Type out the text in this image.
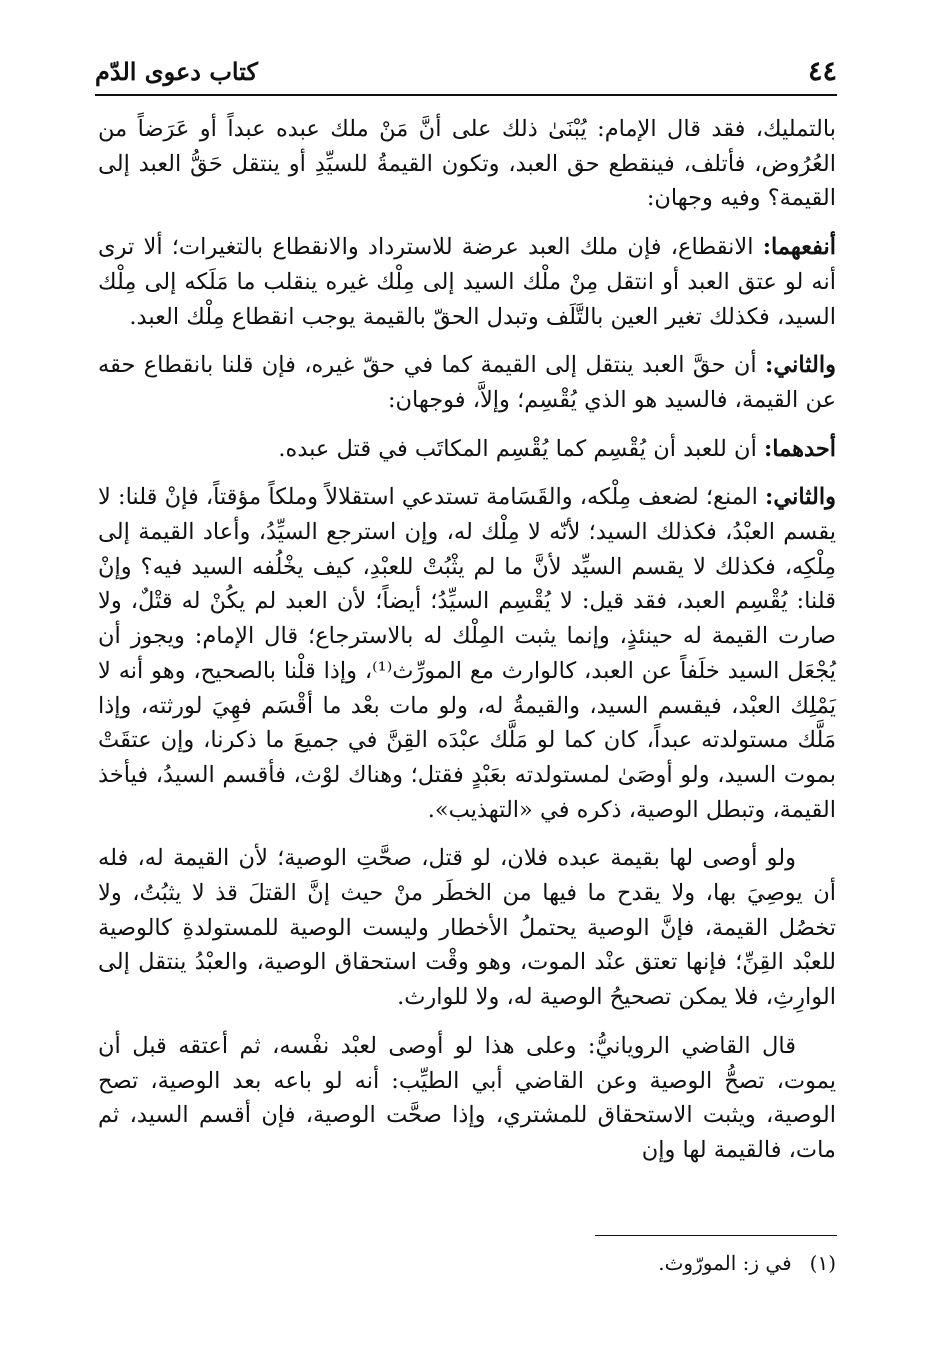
٤٤
كتاب دعوى الدّم

بالتمليك، فقد قال الإمام: يُبْنَىٰ ذلك على أنَّ مَنْ ملك عبده عبداً أو عَرَضاً من العُرُوض، فأتلف، فينقطع حق العبد، وتكون القيمةُ للسيِّدِ أو ينتقل حَقُّ العبد إلى القيمة؟ وفيه وجهان:

أنفعهما: الانقطاع، فإن ملك العبد عرضة للاسترداد والانقطاع بالتغيرات؛ ألا ترى أنه لو عتق العبد أو انتقل مِنْ ملْك السيد إلى مِلْك غيره ينقلب ما مَلَكه إلى مِلْك السيد، فكذلك تغير العين بالتَّلَف وتبدل الحقّ بالقيمة يوجب انقطاع مِلْك العبد.

والثاني: أن حقَّ العبد ينتقل إلى القيمة كما في حقّ غيره، فإن قلنا بانقطاع حقه عن القيمة، فالسيد هو الذي يُقْسِم؛ وإلاَّ، فوجهان:

أحدهما: أن للعبد أن يُقْسِم كما يُقْسِم المكاتَب في قتل عبده.

والثاني: المنع؛ لضعف مِلْكه، والقَسَامة تستدعي استقلالاً وملكاً مؤقتاً، فإنْ قلنا: لا يقسم العبْدُ، فكذلك السيد؛ لأنّه لا مِلْك له، وإن استرجع السيِّدُ، وأعاد القيمة إلى مِلْكِه، فكذلك لا يقسم السيِّد لأنَّ ما لم يثْبُتْ للعبْدِ، كيف يخْلُفه السيد فيه؟ وإنْ قلنا: يُقْسِم العبد، فقد قيل: لا يُقْسِم السيِّدُ؛ أيضاً؛ لأن العبد لم يكُنْ له قتْلٌ، ولا صارت القيمة له حينئذٍ، وإنما يثبت المِلْك له بالاسترجاع؛ قال الإمام: ويجوز أن يُجْعَل السيد خلَفاً عن العبد، كالوارث مع المورِّث⁽¹⁾، وإذا قلْنا بالصحيح، وهو أنه لا يَمْلِك العبْد، فيقسم السيد، والقيمةُ له، ولو مات بعْد ما أقْسَم فهِيَ لورثته، وإذا مَلَّك مستولدته عبداً، كان كما لو مَلَّك عبْدَه القِنَّ في جميعَ ما ذكرنا، وإن عتقَتْ بموت السيد، ولو أوصَىٰ لمستولدته بعَبْدٍ فقتل؛ وهناك لوْث، فأقسم السيدُ، فيأخذ القيمة، وتبطل الوصية، ذكره في «التهذيب».

ولو أوصى لها بقيمة عبده فلان، لو قتل، صحَّتِ الوصية؛ لأن القيمة له، فله أن يوصِيَ بها، ولا يقدح ما فيها من الخطَر منْ حيث إنَّ القتلَ قذ لا يثبُتُ، ولا تخصُل القيمة، فإنَّ الوصية يحتملُ الأخطار وليست الوصية للمستولدةِ كالوصية للعبْد القِنِّ؛ فإنها تعتق عنْد الموت، وهو وقْت استحقاق الوصية، والعبْدُ ينتقل إلى الوارِثِ، فلا يمكن تصحيحُ الوصية له، ولا للوارث.

قال القاضي الرويانيُّ: وعلى هذا لو أوصى لعبْد نفْسه، ثم أعتقه قبل أن يموت، تصحُّ الوصية وعن القاضي أبي الطيِّب: أنه لو باعه بعد الوصية، تصح الوصية، ويثبت الاستحقاق للمشتري، وإذا صحَّت الوصية، فإن أقسم السيد، ثم مات، فالقيمة لها وإن

(١)في ز: المورّوث.
